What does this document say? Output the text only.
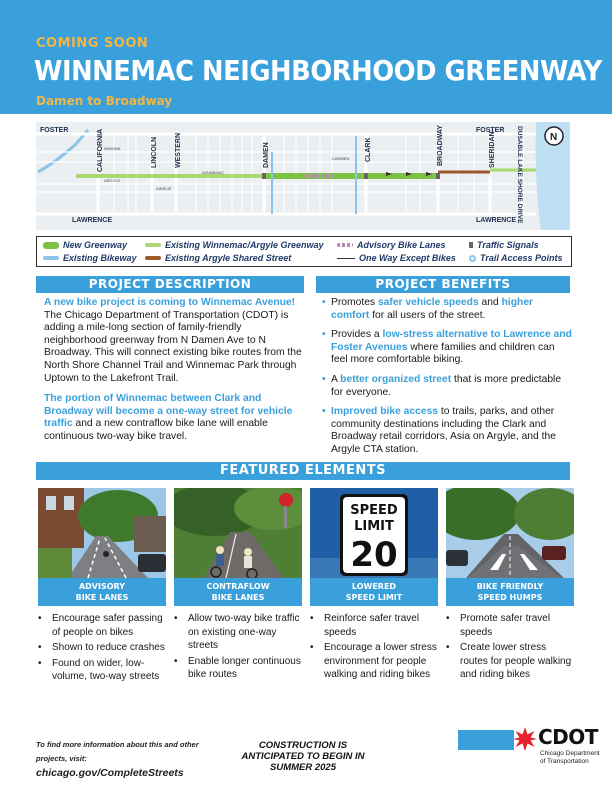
COMING SOON
WINNEMAC NEIGHBORHOOD GREENWAY
Damen to Broadway
FOSTER	FOSTER
LAWRENCE	LAWRENCE
CALIFORNIA	LINCOLN WESTERN	DAMEN	CLARK	BROADWAY	SHERIDAN	DUSABLE LAKE SHORE DRIVE
WINONA
ARGYLE
AINSLIE
WINNEMAC
CARMEN
N
New Greenway	Existing Winnemac/Argyle Greenway	Advisory Bike Lanes	Traffic Signals
Existing Bikeway	Existing Argyle Shared Street	One Way Except Bikes	Trail Access Points
PROJECT DESCRIPTION

A new bike project is coming to Winnemac Avenue! The Chicago Department of Transportation (CDOT) is adding a mile-long section of family-friendly neighborhood greenway from N Damen Ave to N Broadway. This will connect existing bike routes from the North Shore Channel Trail and Winnemac Park through Uptown to the Lakefront Trail.

The portion of Winnemac between Clark and Broadway will become a one-way street for vehicle traffic and a new contraflow bike lane will enable continuous two-way bike travel.

PROJECT BENEFITS
• Promotes safer vehicle speeds and higher comfort for all users of the street.
• Provides a low-stress alternative to Lawrence and Foster Avenues where families and children can feel more comfortable biking.
• A better organized street that is more predictable for everyone.
• Improved bike access to trails, parks, and other community destinations including the Clark and Broadway retail corridors, Asia on Argyle, and the Argyle CTA station.
FEATURED ELEMENTS
SPEED
LIMIT
20
ADVISORY
BIKE LANES
CONTRAFLOW
BIKE LANES
LOWERED
SPEED LIMIT
BIKE FRIENDLY
SPEED HUMPS
• Encourage safer passing of people on bikes
• Shown to reduce crashes
• Found on wider, low-volume, two-way streets
• Allow two-way bike traffic on existing one-way streets
• Enable longer continuous bike routes
• Reinforce safer travel speeds
• Encourage a lower stress environment for people walking and riding bikes
• Promote safer travel speeds
• Create lower stress routes for people walking and riding bikes
To find more information about this and other projects, visit:
chicago.gov/CompleteStreets
CONSTRUCTION IS ANTICIPATED TO BEGIN IN SUMMER 2025
CDOT
Chicago Department of Transportation
